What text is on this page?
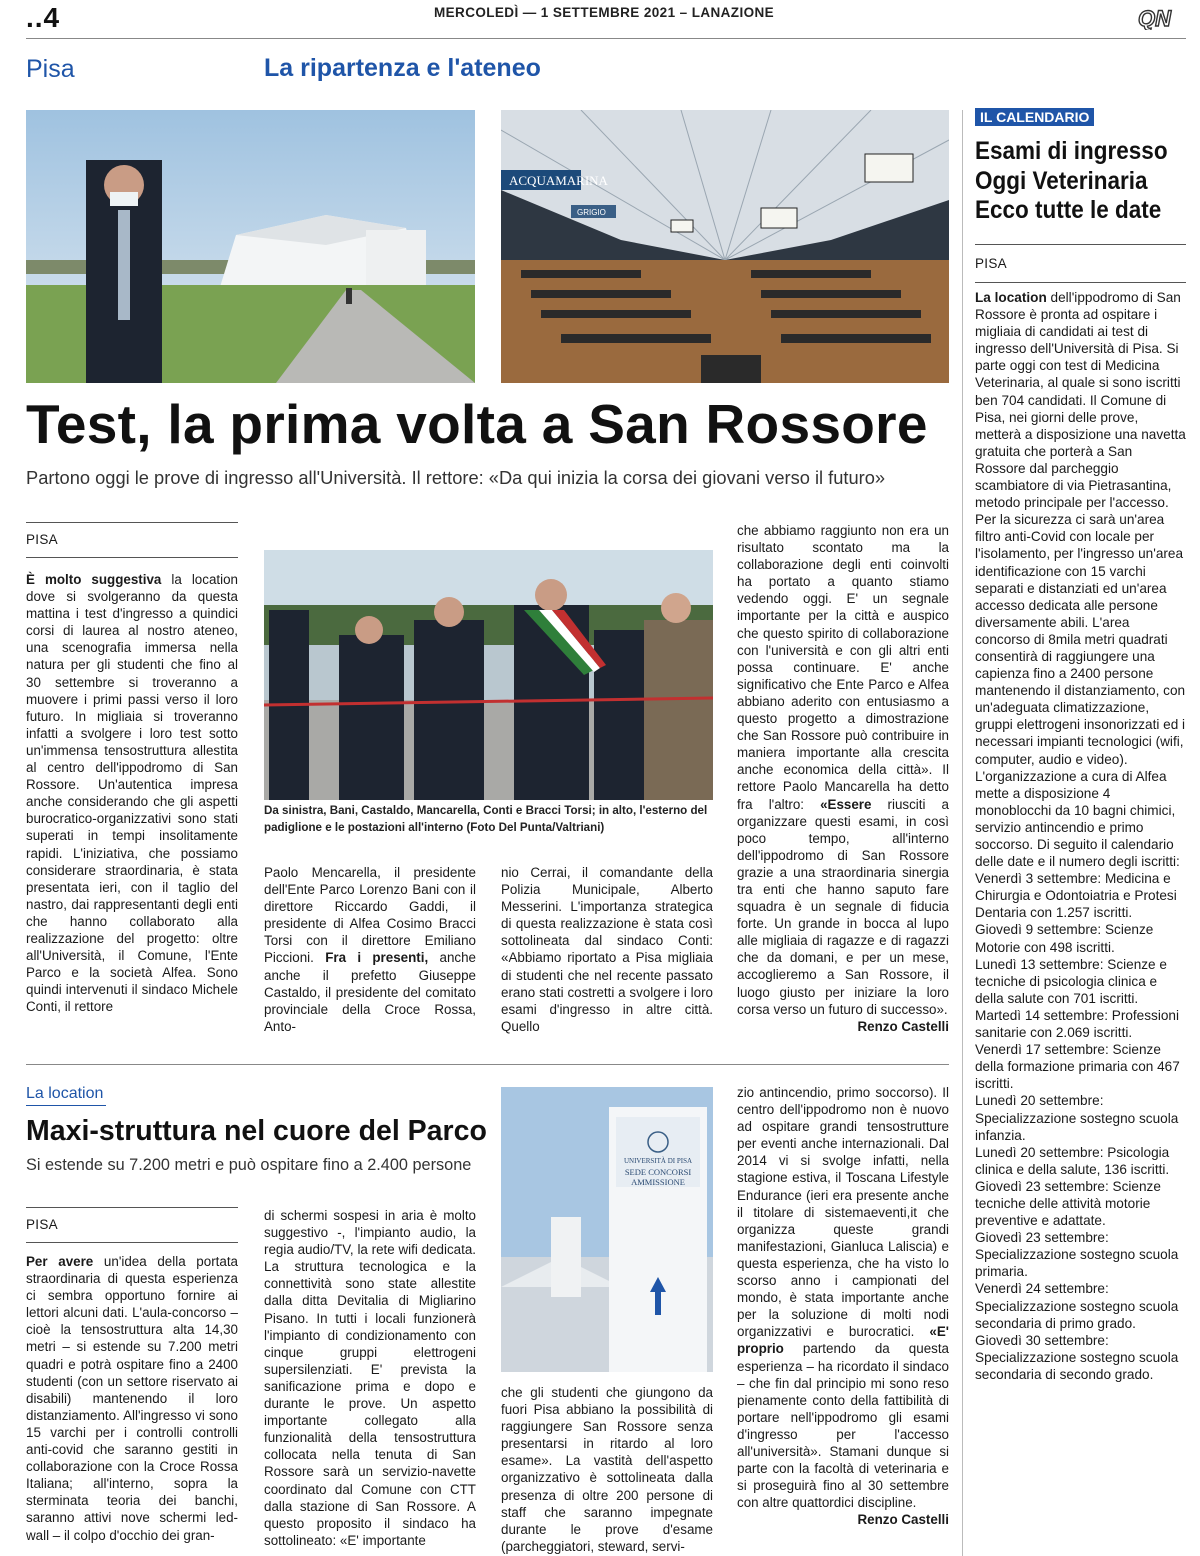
..4	MERCOLEDÌ — 1 SETTEMBRE 2021 – LANAZIONE	QN
Pisa	La ripartenza e l'ateneo
ACQUAMARINA
GRIGIO
IL CALENDARIO
Esami di ingresso
Oggi Veterinaria
Ecco tutte le date
PISA

La location dell'ippodromo di San Rossore è pronta ad ospitare i migliaia di candidati ai test di ingresso dell'Università di Pisa. Si parte oggi con test di Medicina Veterinaria, al quale si sono iscritti ben 704 candidati. Il Comune di Pisa, nei giorni delle prove, metterà a disposizione una navetta gratuita che porterà a San Rossore dal parcheggio scambiatore di via Pietrasantina, metodo principale per l'accesso. Per la sicurezza ci sarà un'area filtro anti-Covid con locale per l'isolamento, per l'ingresso un'area identificazione con 15 varchi separati e distanziati ed un'area accesso dedicata alle persone diversamente abili. L'area concorso di 8mila metri quadrati consentirà di raggiungere una capienza fino a 2400 persone mantenendo il distanziamento, con un'adeguata climatizzazione, gruppi elettrogeni insonorizzati ed i necessari impianti tecnologici (wifi, computer, audio e video). L'organizzazione a cura di Alfea mette a disposizione 4 monoblocchi da 10 bagni chimici, servizio antincendio e primo soccorso. Di seguito il calendario delle date e il numero degli iscritti:

Venerdì 3 settembre: Medicina e Chirurgia e Odontoiatria e Protesi Dentaria con 1.257 iscritti.

Giovedì 9 settembre: Scienze Motorie con 498 iscritti.

Lunedì 13 settembre: Scienze e tecniche di psicologia clinica e della salute con 701 iscritti.

Martedì 14 settembre: Professioni sanitarie con 2.069 iscritti.

Venerdì 17 settembre: Scienze della formazione primaria con 467 iscritti.

Lunedì 20 settembre: Specializzazione sostegno scuola infanzia.

Lunedì 20 settembre: Psicologia clinica e della salute, 136 iscritti.

Giovedì 23 settembre: Scienze tecniche delle attività motorie preventive e adattate.

Giovedì 23 settembre: Specializzazione sostegno scuola primaria.

Venerdì 24 settembre: Specializzazione sostegno scuola secondaria di primo grado.

Giovedì 30 settembre: Specializzazione sostegno scuola secondaria di secondo grado.

Test, la prima volta a San Rossore
Partono oggi le prove di ingresso all'Università. Il rettore: «Da qui inizia la corsa dei giovani verso il futuro»
PISA

È molto suggestiva la location dove si svolgeranno da questa mattina i test d'ingresso a quindici corsi di laurea al nostro ateneo, una scenografia immersa nella natura per gli studenti che fino al 30 settembre si troveranno a muovere i primi passi verso il loro futuro. In migliaia si troveranno infatti a svolgere i loro test sotto un'immensa tensostruttura allestita al centro dell'ippodromo di San Rossore. Un'autentica impresa anche considerando che gli aspetti burocratico-organizzativi sono stati superati in tempi insolitamente rapidi. L'iniziativa, che possiamo considerare straordinaria, è stata presentata ieri, con il taglio del nastro, dai rappresentanti degli enti che hanno collaborato alla realizzazione del progetto: oltre all'Università, il Comune, l'Ente Parco e la società Alfea. Sono quindi intervenuti il sindaco Michele Conti, il rettore

Da sinistra, Bani, Castaldo, Mancarella, Conti e Bracci Torsi; in alto, l'esterno del padiglione e le postazioni all'interno (Foto Del Punta/Valtriani)

Paolo Mencarella, il presidente dell'Ente Parco Lorenzo Bani con il direttore Riccardo Gaddi, il presidente di Alfea Cosimo Bracci Torsi con il direttore Emiliano Piccioni. Fra i presenti, anche anche il prefetto Giuseppe Castaldo, il presidente del comitato provinciale della Croce Rossa, Anto-

nio Cerrai, il comandante della Polizia Municipale, Alberto Messerini. L'importanza strategica di questa realizzazione è stata così sottolineata dal sindaco Conti: «Abbiamo riportato a Pisa migliaia di studenti che nel recente passato erano stati costretti a svolgere i loro esami d'ingresso in altre città. Quello

che abbiamo raggiunto non era un risultato scontato ma la collaborazione degli enti coinvolti ha portato a quanto stiamo vedendo oggi. E' un segnale importante per la città e auspico che questo spirito di collaborazione con l'università e con gli altri enti possa continuare. E' anche significativo che Ente Parco e Alfea abbiano aderito con entusiasmo a questo progetto a dimostrazione che San Rossore può contribuire in maniera importante alla crescita anche economica della città». Il rettore Paolo Mancarella ha detto fra l'altro: «Essere riusciti a organizzare questi esami, in così poco tempo, all'interno dell'ippodromo di San Rossore grazie a una straordinaria sinergia tra enti che hanno saputo fare squadra è un segnale di fiducia forte. Un grande in bocca al lupo alle migliaia di ragazze e di ragazzi che da domani, e per un mese, accoglieremo a San Rossore, il luogo giusto per iniziare la loro corsa verso un futuro di successo».

Renzo Castelli

La location
Maxi-struttura nel cuore del Parco
Si estende su 7.200 metri e può ospitare fino a 2.400 persone
PISA

Per avere un'idea della portata straordinaria di questa esperienza ci sembra opportuno fornire ai lettori alcuni dati. L'aula-concorso – cioè la tensostruttura alta 14,30 metri – si estende su 7.200 metri quadri e potrà ospitare fino a 2400 studenti (con un settore riservato ai disabili) mantenendo il loro distanziamento. All'ingresso vi sono 15 varchi per i controlli controlli anti-covid che saranno gestiti in collaborazione con la Croce Rossa Italiana; all'interno, sopra la sterminata teoria dei banchi, saranno attivi nove schermi led-wall – il colpo d'occhio dei gran-

di schermi sospesi in aria è molto suggestivo -, l'impianto audio, la regia audio/TV, la rete wifi dedicata. La struttura tecnologica e la connettività sono state allestite dalla ditta Devitalia di Migliarino Pisano. In tutti i locali funzionerà l'impianto di condizionamento con cinque gruppi elettrogeni supersilenziati. E' prevista la sanificazione prima e dopo e durante le prove. Un aspetto importante collegato alla funzionalità della tensostruttura collocata nella tenuta di San Rossore sarà un servizio-navette coordinato dal Comune con CTT dalla stazione di San Rossore. A questo proposito il sindaco ha sottolineato: «E' importante

UNIVERSITÀ DI PISA
SEDE CONCORSI
AMMISSIONE

che gli studenti che giungono da fuori Pisa abbiano la possibilità di raggiungere San Rossore senza presentarsi in ritardo al loro esame». La vastità dell'aspetto organizzativo è sottolineata dalla presenza di oltre 200 persone di staff che saranno impegnate durante le prove d'esame (parcheggiatori, steward, servi-

zio antincendio, primo soccorso). Il centro dell'ippodromo non è nuovo ad ospitare grandi tensostrutture per eventi anche internazionali. Dal 2014 vi si svolge infatti, nella stagione estiva, il Toscana Lifestyle Endurance (ieri era presente anche il titolare di sistemaeventi,it che organizza queste grandi manifestazioni, Gianluca Laliscia) e questa esperienza, che ha visto lo scorso anno i campionati del mondo, è stata importante anche per la soluzione di molti nodi organizzativi e burocratici. «E' proprio partendo da questa esperienza – ha ricordato il sindaco – che fin dal principio mi sono reso pienamente conto della fattibilità di portare nell'ippodromo gli esami d'ingresso per l'accesso all'università». Stamani dunque si parte con la facoltà di veterinaria e si proseguirà fino al 30 settembre con altre quattordici discipline.

Renzo Castelli
